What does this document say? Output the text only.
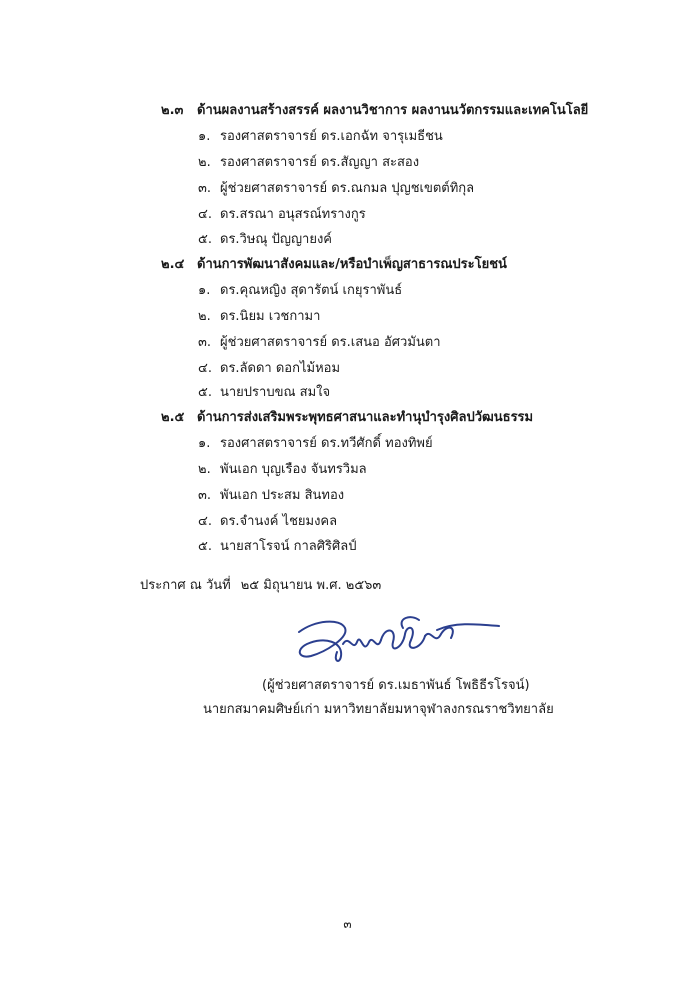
๒.๓ ด้านผลงานสร้างสรรค์ ผลงานวิชาการ ผลงานนวัตกรรมและเทคโนโลยี
๑. รองศาสตราจารย์ ดร.เอกฉัท จารุเมธีชน
๒. รองศาสตราจารย์ ดร.สัญญา สะสอง
๓. ผู้ช่วยศาสตราจารย์ ดร.ณกมล ปุญชเขตต์ทิกุล
๔. ดร.สรณา อนุสรณ์ทรางกูร
๕. ดร.วิษณุ ปัญญายงค์
๒.๔ ด้านการพัฒนาสังคมและ/หรือบำเพ็ญสาธารณประโยชน์
๑. ดร.คุณหญิง สุดารัตน์ เกยุราพันธ์
๒. ดร.นิยม เวชกามา
๓. ผู้ช่วยศาสตราจารย์ ดร.เสนอ อัศวมันตา
๔. ดร.ลัดดา ดอกไม้หอม
๕. นายปราบขณ สมใจ
๒.๕ ด้านการส่งเสริมพระพุทธศาสนาและทำนุบำรุงศิลปวัฒนธรรม
๑. รองศาสตราจารย์ ดร.ทวีศักดิ์ ทองทิพย์
๒. พันเอก บุญเรือง จันทรวิมล
๓. พันเอก ประสม สินทอง
๔. ดร.จำนงค์ ไชยมงคล
๕. นายสาโรจน์ กาลศิริศิลป์
ประกาศ ณ วันที่ ๒๕ มิถุนายน พ.ศ. ๒๕๖๓
(ผู้ช่วยศาสตราจารย์ ดร.เมธาพันธ์ โพธิธีรโรจน์)
นายกสมาคมศิษย์เก่า มหาวิทยาลัยมหาจุฬาลงกรณราชวิทยาลัย
๓
